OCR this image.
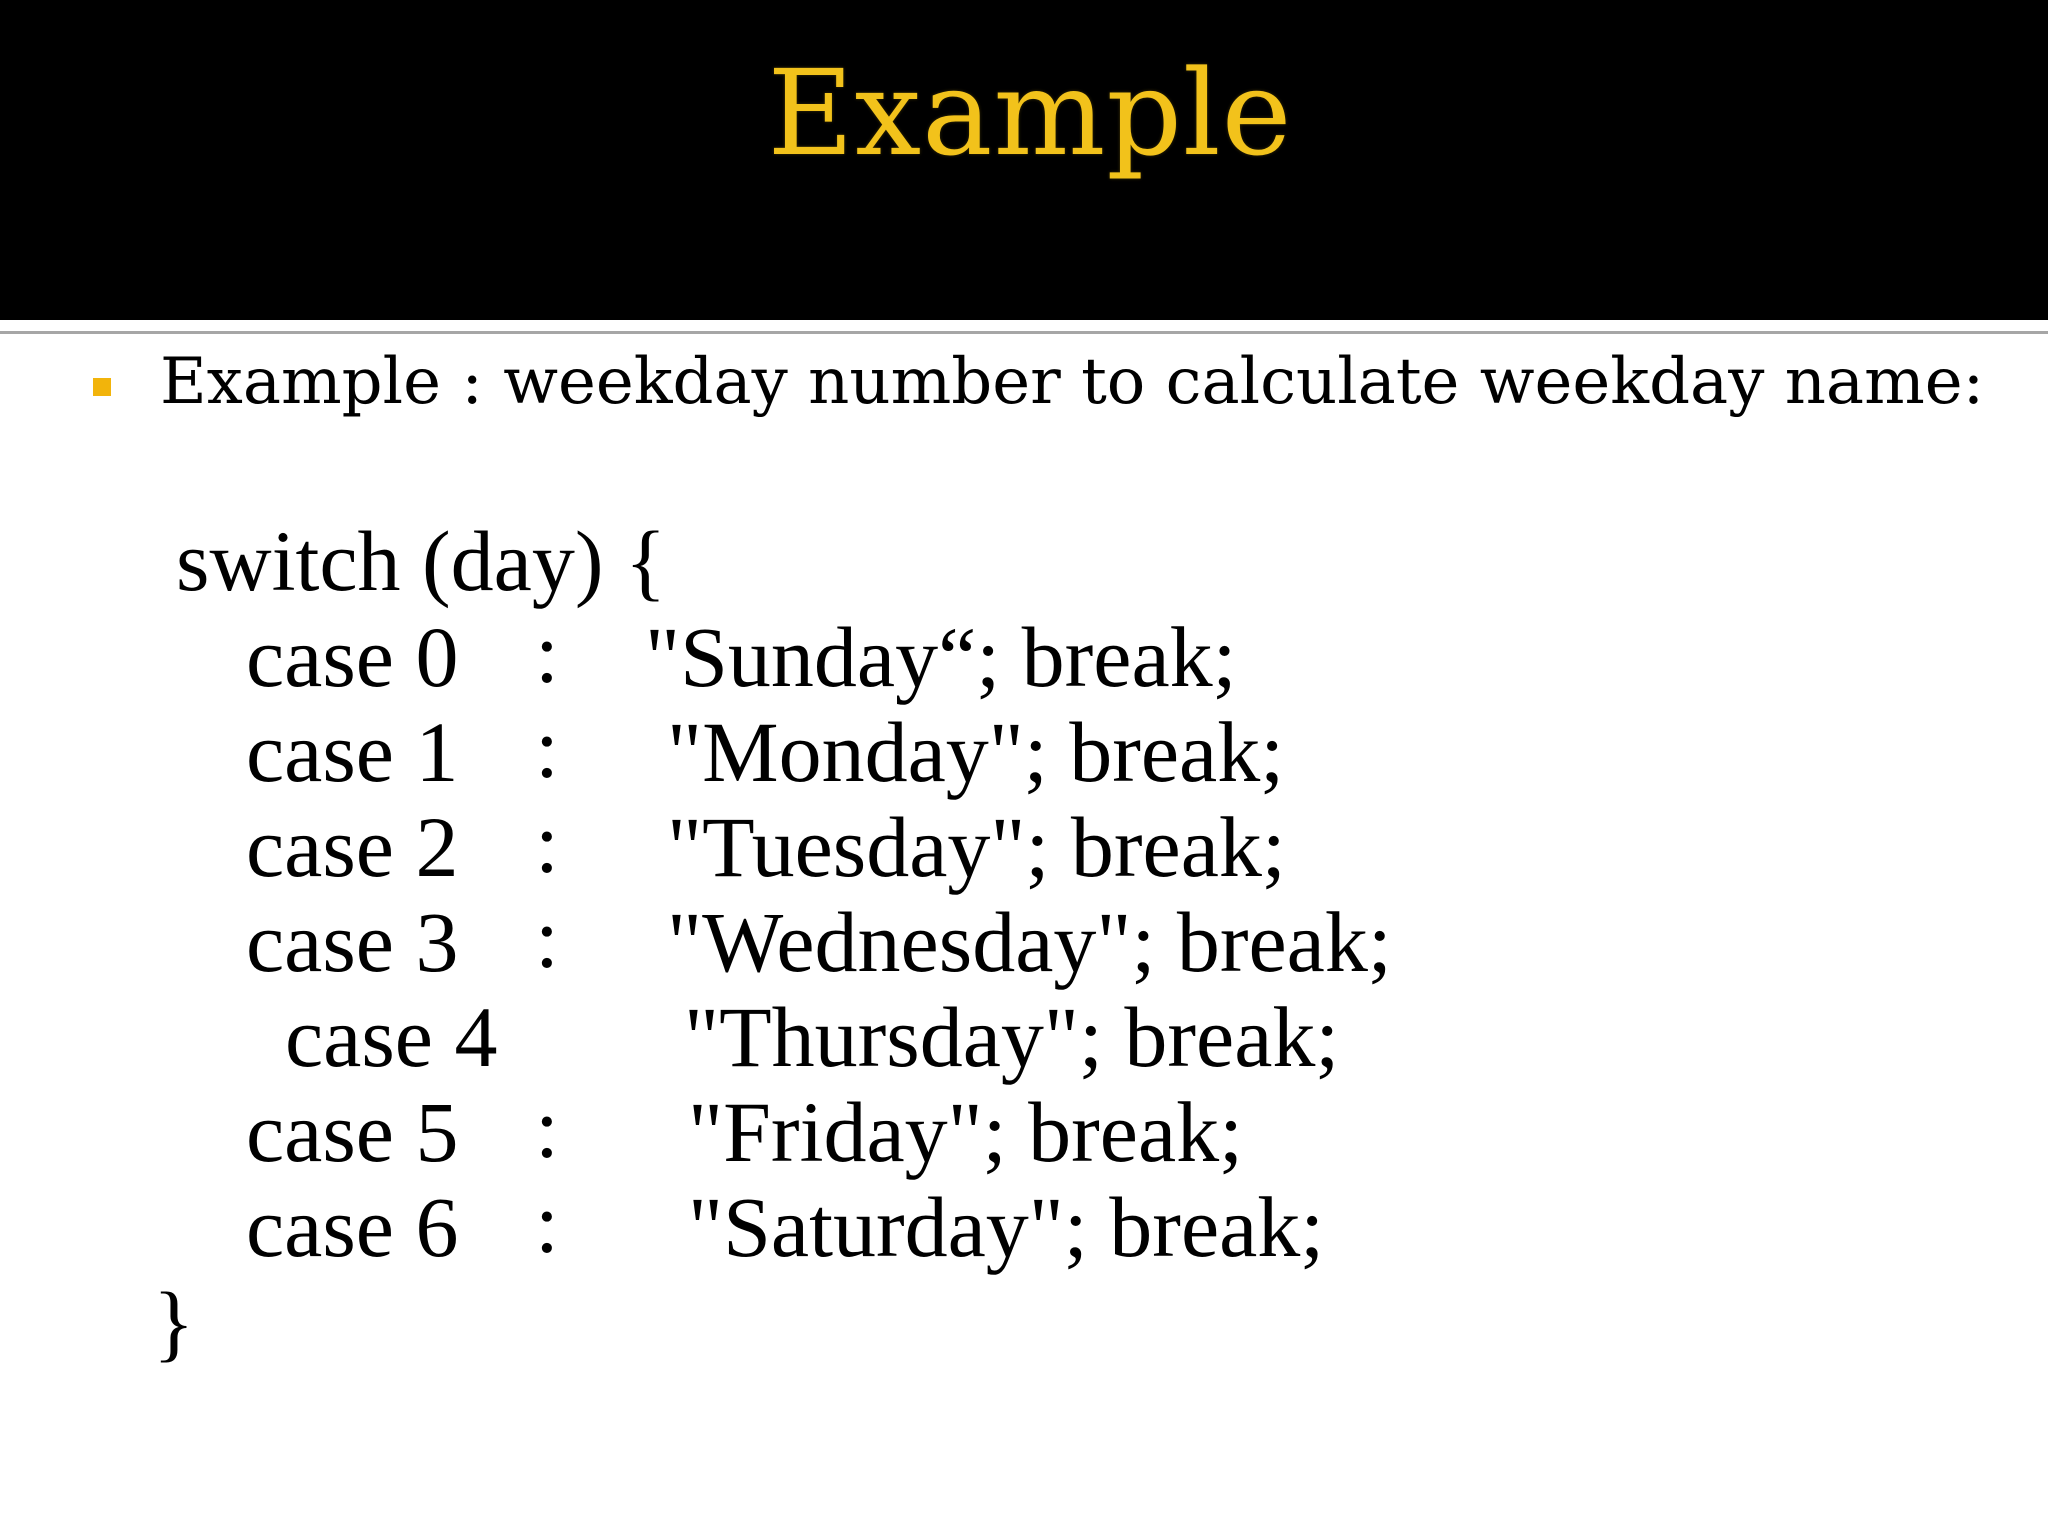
Example
Example : weekday number to calculate weekday name:
switch (day) {
case 0 : "Sunday“; break;
case 1 : "Monday"; break;
case 2 : "Tuesday"; break;
case 3 : "Wednesday"; break;
case 4 "Thursday"; break;
case 5 : "Friday"; break;
case 6 : "Saturday"; break;
}
